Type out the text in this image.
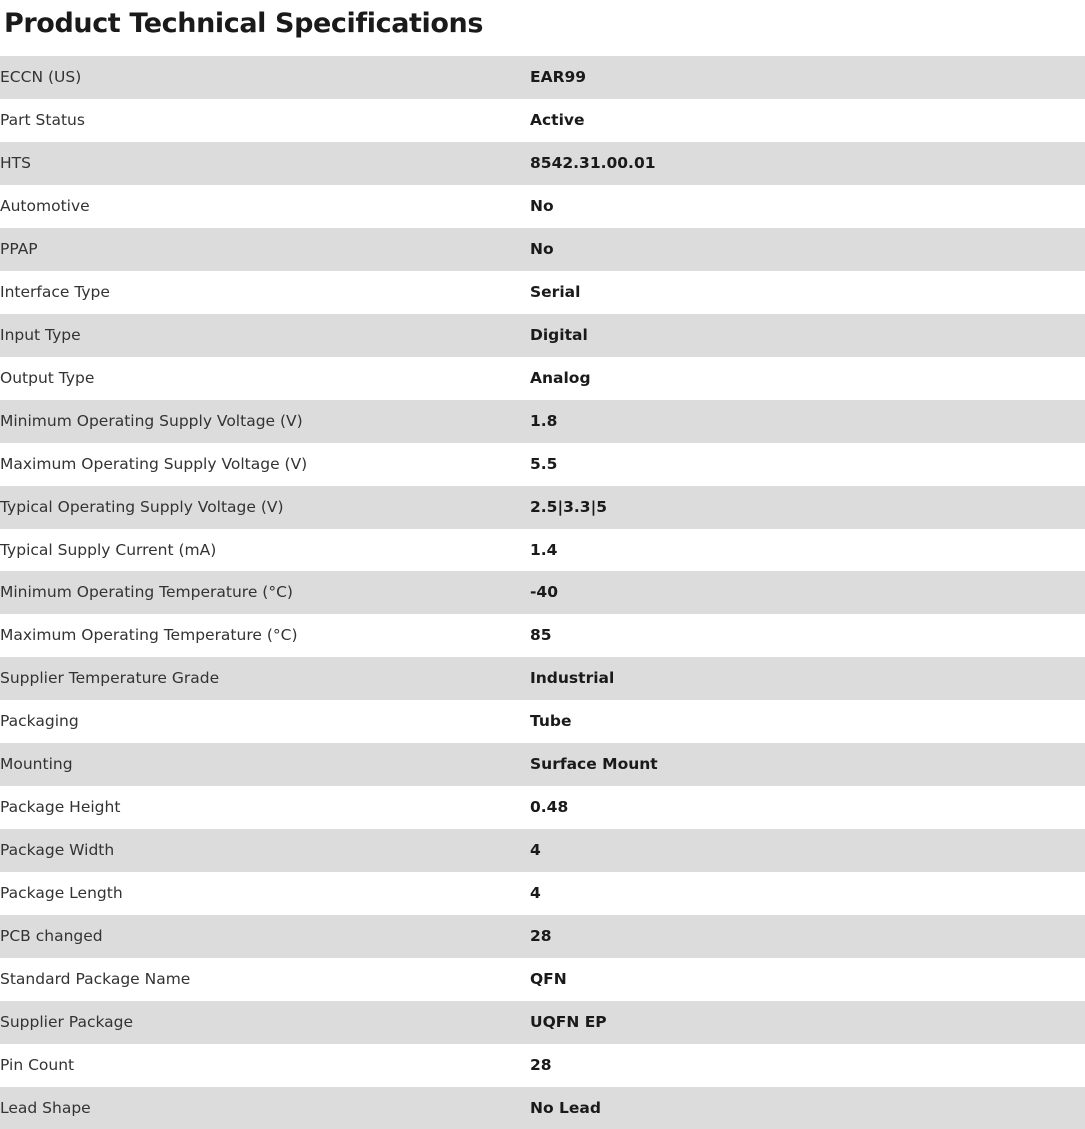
Product Technical Specifications
ECCN (US)	EAR99
Part Status	Active
HTS	8542.31.00.01
Automotive	No
PPAP	No
Interface Type	Serial
Input Type	Digital
Output Type	Analog
Minimum Operating Supply Voltage (V)	1.8
Maximum Operating Supply Voltage (V)	5.5
Typical Operating Supply Voltage (V)	2.5|3.3|5
Typical Supply Current (mA)	1.4
Minimum Operating Temperature (°C)	-40
Maximum Operating Temperature (°C)	85
Supplier Temperature Grade	Industrial
Packaging	Tube
Mounting	Surface Mount
Package Height	0.48
Package Width	4
Package Length	4
PCB changed	28
Standard Package Name	QFN
Supplier Package	UQFN EP
Pin Count	28
Lead Shape	No Lead
